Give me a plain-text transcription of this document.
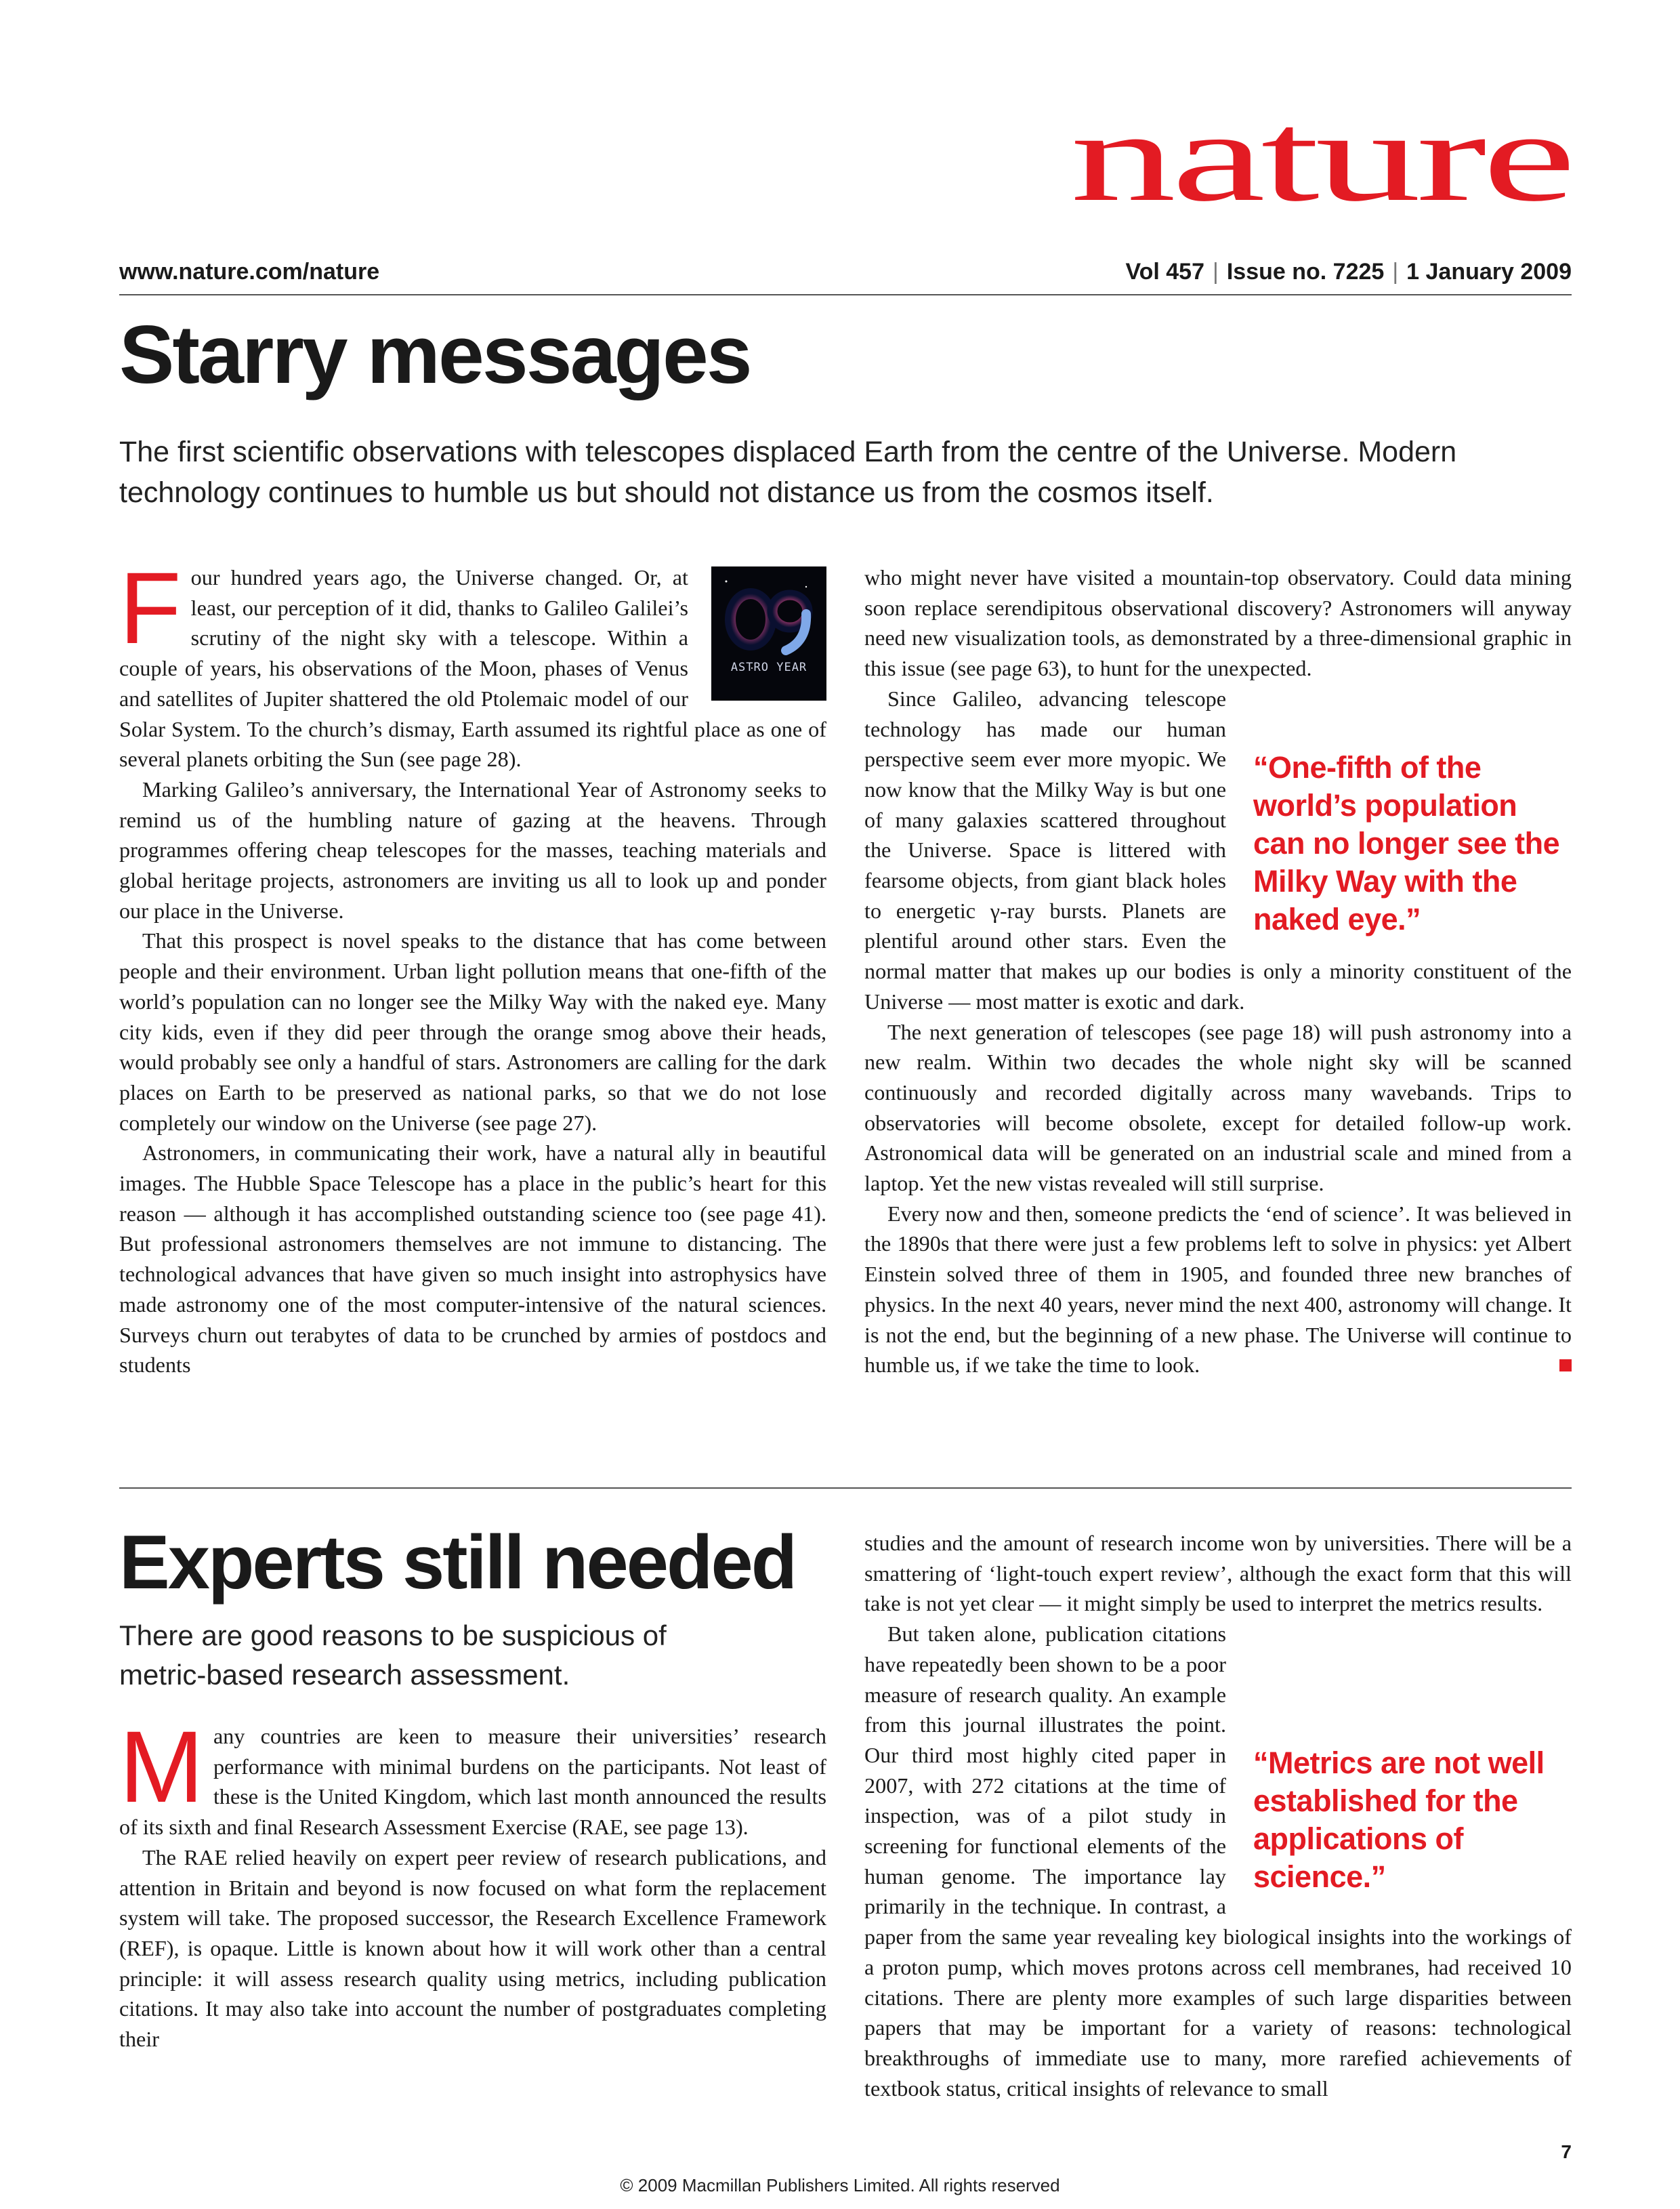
nature
www.nature.com/nature	Vol 457 | Issue no. 7225 | 1 January 2009
Starry messages

The first scientific observations with telescopes displaced Earth from the centre of the Universe. Modern technology continues to humble us but should not distance us from the cosmos itself.

ASTRO YEAR
F our hundred years ago, the Universe changed. Or, at least, our perception of it did, thanks to Galileo Galilei’s scrutiny of the night sky with a telescope. Within a couple of years, his observations of the Moon, phases of Venus and satellites of Jupiter shattered the old Ptolemaic model of our Solar System. To the church’s dismay, Earth assumed its rightful place as one of several planets orbiting the Sun (see page 28).

Marking Galileo’s anniversary, the International Year of Astronomy seeks to remind us of the humbling nature of gazing at the heavens. Through programmes offering cheap telescopes for the masses, teaching materials and global heritage projects, astronomers are inviting us all to look up and ponder our place in the Universe.

That this prospect is novel speaks to the distance that has come between people and their environment. Urban light pollution means that one-fifth of the world’s population can no longer see the Milky Way with the naked eye. Many city kids, even if they did peer through the orange smog above their heads, would probably see only a handful of stars. Astronomers are calling for the dark places on Earth to be preserved as national parks, so that we do not lose completely our window on the Universe (see page 27).

Astronomers, in communicating their work, have a natural ally in beautiful images. The Hubble Space Telescope has a place in the public’s heart for this reason — although it has accomplished outstanding science too (see page 41). But professional astronomers themselves are not immune to distancing. The technological advances that have given so much insight into astrophysics have made astronomy one of the most computer-intensive of the natural sciences. Surveys churn out terabytes of data to be crunched by armies of postdocs and students

who might never have visited a mountain-top observatory. Could data mining soon replace serendipitous observational discovery? Astronomers will anyway need new visualization tools, as demonstrated by a three-dimensional graphic in this issue (see page 63), to hunt for the unexpected.

“One-fifth of the world’s population can no longer see the Milky Way with the naked eye.”
Since Galileo, advancing telescope technology has made our human perspective seem ever more myopic. We now know that the Milky Way is but one of many galaxies scattered throughout the Universe. Space is littered with fearsome objects, from giant black holes to energetic γ-ray bursts. Planets are plentiful around other stars. Even the normal matter that makes up our bodies is only a minority constituent of the Universe — most matter is exotic and dark.

The next generation of telescopes (see page 18) will push astronomy into a new realm. Within two decades the whole night sky will be scanned continuously and recorded digitally across many wavebands. Trips to observatories will become obsolete, except for detailed follow-up work. Astronomical data will be generated on an industrial scale and mined from a laptop. Yet the new vistas revealed will still surprise.

Every now and then, someone predicts the ‘end of science’. It was believed in the 1890s that there were just a few problems left to solve in physics: yet Albert Einstein solved three of them in 1905, and founded three new branches of physics. In the next 40 years, never mind the next 400, astronomy will change. It is not the end, but the beginning of a new phase. The Universe will continue to humble us, if we take the time to look.

Experts still needed

There are good reasons to be suspicious of metric-based research assessment.

Many countries are keen to measure their universities’ research performance with minimal burdens on the participants. Not least of these is the United Kingdom, which last month announced the results of its sixth and final Research Assessment Exercise (RAE, see page 13).

The RAE relied heavily on expert peer review of research publications, and attention in Britain and beyond is now focused on what form the replacement system will take. The proposed successor, the Research Excellence Framework (REF), is opaque. Little is known about how it will work other than a central principle: it will assess research quality using metrics, including publication citations. It may also take into account the number of postgraduates completing their

studies and the amount of research income won by universities. There will be a smattering of ‘light-touch expert review’, although the exact form that this will take is not yet clear — it might simply be used to interpret the metrics results.

“Metrics are not well established for the applications of science.”
But taken alone, publication citations have repeatedly been shown to be a poor measure of research quality. An example from this journal illustrates the point. Our third most highly cited paper in 2007, with 272 citations at the time of inspection, was of a pilot study in screening for functional elements of the human genome. The importance lay primarily in the technique. In contrast, a paper from the same year revealing key biological insights into the workings of a proton pump, which moves protons across cell membranes, had received 10 citations. There are plenty more examples of such large disparities between papers that may be important for a variety of reasons: technological breakthroughs of immediate use to many, more rarefied achievements of textbook status, critical insights of relevance to small

7
© 2009 Macmillan Publishers Limited. All rights reserved
